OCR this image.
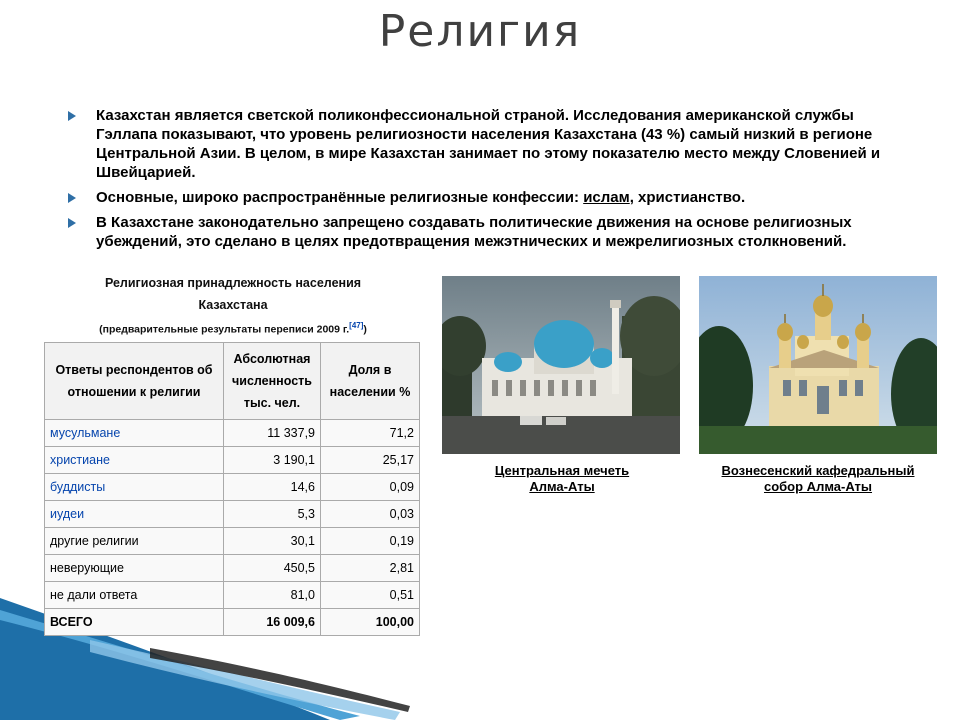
Религия
Казахстан является светской поликонфессиональной страной. Исследования американской службы Гэллапа показывают, что уровень религиозности населения Казахстана (43 %) самый низкий в регионе Центральной Азии. В целом, в мире Казахстан занимает по этому показателю место между Словенией и Швейцарией.
Основные, широко распространённые религиозные конфессии: ислам, христианство.
В Казахстане законодательно запрещено создавать политические движения на основе религиозных убеждений, это сделано в целях предотвращения межэтнических и межрелигиозных столкновений.
Религиозная принадлежность населения
Казахстана
(предварительные результаты переписи 2009 г.[47])
Ответы респондентов об отношении к религии	Абсолютная численность тыс. чел.	Доля в населении %
мусульмане	11 337,9	71,2
христиане	3 190,1	25,17
буддисты	14,6	0,09
иудеи	5,3	0,03
другие религии	30,1	0,19
неверующие	450,5	2,81
не дали ответа	81,0	0,51
ВСЕГО	16 009,6	100,00
Центральная мечеть
Алма-Аты
Вознесенский кафедральный
собор Алма-Аты
